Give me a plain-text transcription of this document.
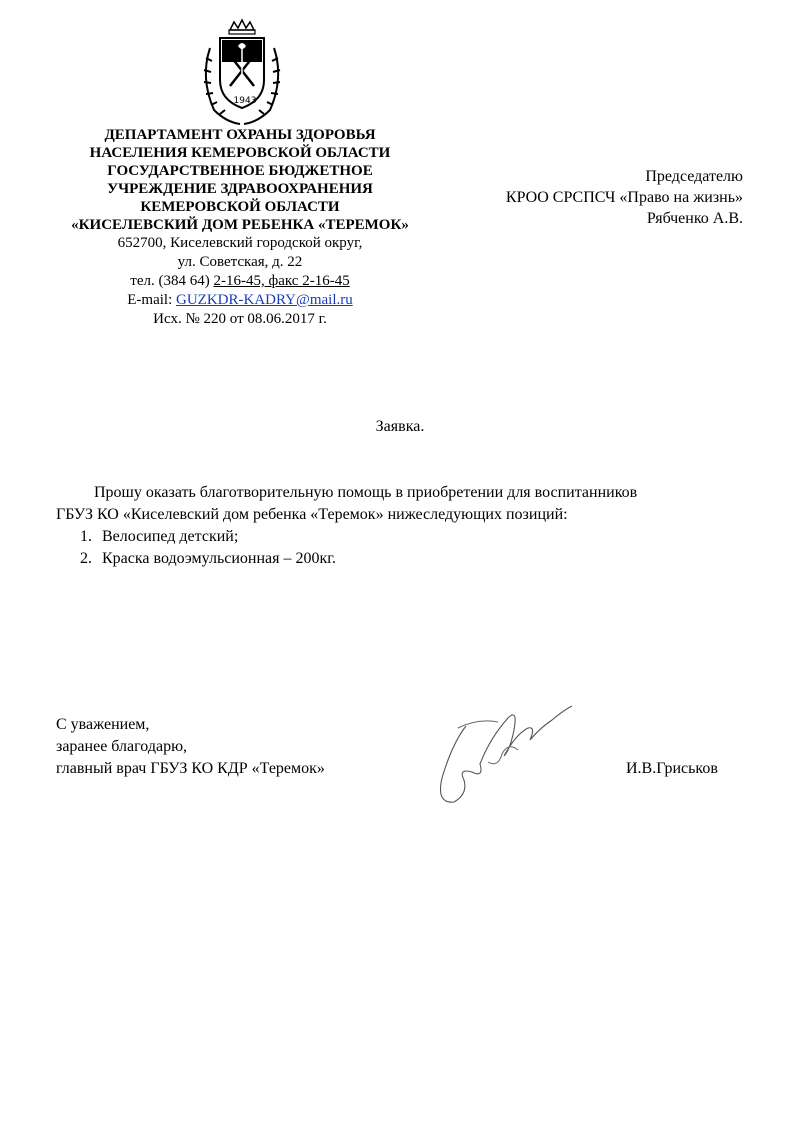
1943
ДЕПАРТАМЕНТ ОХРАНЫ ЗДОРОВЬЯ
НАСЕЛЕНИЯ КЕМЕРОВСКОЙ ОБЛАСТИ
ГОСУДАРСТВЕННОЕ БЮДЖЕТНОЕ
УЧРЕЖДЕНИЕ ЗДРАВООХРАНЕНИЯ
КЕМЕРОВСКОЙ ОБЛАСТИ
«КИСЕЛЕВСКИЙ ДОМ РЕБЕНКА «ТЕРЕМОК»
652700, Киселевский городской округ,
ул. Советская, д. 22
тел. (384 64) 2-16-45, факс 2-16-45
E-mail: GUZKDR-KADRY@mail.ru
Исх. № 220 от 08.06.2017 г.
Председателю
КРОО СРСПСЧ «Право на жизнь»
Рябченко А.В.
Заявка.
Прошу оказать благотворительную помощь в приобретении для воспитанников
ГБУЗ КО «Киселевский дом ребенка «Теремок» нижеследующих позиций:
1. Велосипед детский;
2. Краска водоэмульсионная – 200кг.
С уважением,
заранее благодарю,
главный врач ГБУЗ КО КДР «Теремок»	И.В.Гриськов
